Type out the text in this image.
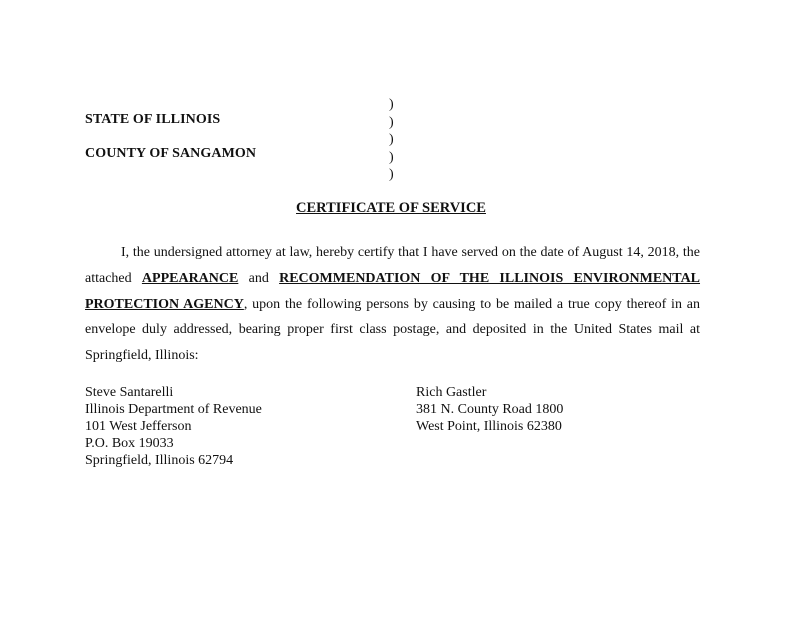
STATE OF ILLINOIS
COUNTY OF SANGAMON
)
)
)
)
)
CERTIFICATE OF SERVICE
I, the undersigned attorney at law, hereby certify that I have served on the date of August 14, 2018, the attached APPEARANCE and RECOMMENDATION OF THE ILLINOIS ENVIRONMENTAL PROTECTION AGENCY, upon the following persons by causing to be mailed a true copy thereof in an envelope duly addressed, bearing proper first class postage, and deposited in the United States mail at Springfield, Illinois:
Steve Santarelli
Illinois Department of Revenue
101 West Jefferson
P.O. Box 19033
Springfield, Illinois 62794
Rich Gastler
381 N. County Road 1800
West Point, Illinois 62380
